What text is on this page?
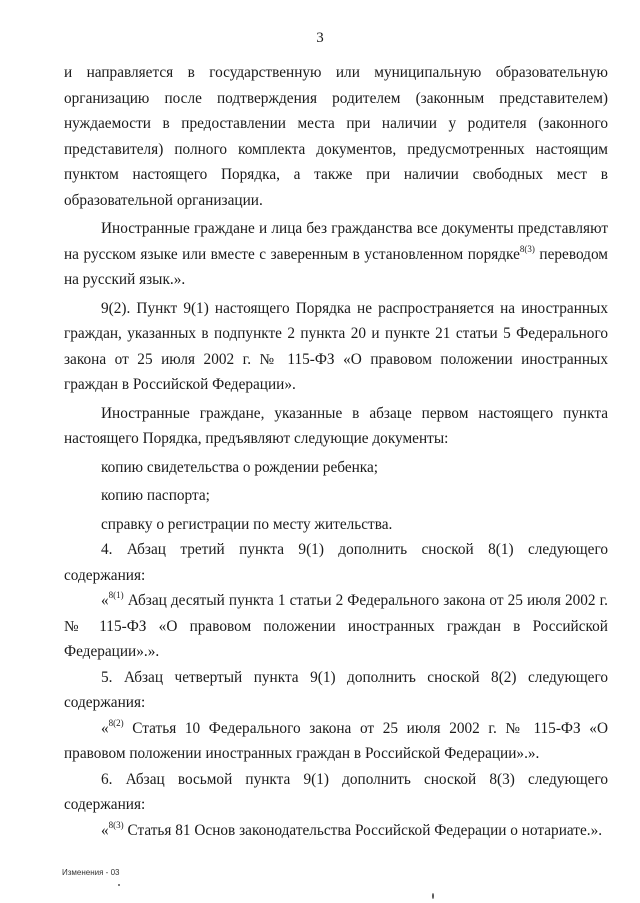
3

и направляется в государственную или муниципальную образовательную организацию после подтверждения родителем (законным представителем) нуждаемости в предоставлении места при наличии у родителя (законного представителя) полного комплекта документов, предусмотренных настоящим пунктом настоящего Порядка, а также при наличии свободных мест в образовательной организации.

Иностранные граждане и лица без гражданства все документы представляют на русском языке или вместе с заверенным в установленном порядке$^{8(3)}$ переводом на русский язык.».

9(2). Пункт 9(1) настоящего Порядка не распространяется на иностранных граждан, указанных в подпункте 2 пункта 20 и пункте 21 статьи 5 Федерального закона от 25 июля 2002 г. № 115-ФЗ «О правовом положении иностранных граждан в Российской Федерации».

Иностранные граждане, указанные в абзаце первом настоящего пункта настоящего Порядка, предъявляют следующие документы:

копию свидетельства о рождении ребенка;

копию паспорта;

справку о регистрации по месту жительства.

4. Абзац третий пункта 9(1) дополнить сноской 8(1) следующего содержания:

«$^{8(1)}$ Абзац десятый пункта 1 статьи 2 Федерального закона от 25 июля 2002 г. № 115-ФЗ «О правовом положении иностранных граждан в Российской Федерации».».

5. Абзац четвертый пункта 9(1) дополнить сноской 8(2) следующего содержания:

«$^{8(2)}$ Статья 10 Федерального закона от 25 июля 2002 г. № 115-ФЗ «О правовом положении иностранных граждан в Российской Федерации».».

6. Абзац восьмой пункта 9(1) дополнить сноской 8(3) следующего содержания:

«$^{8(3)}$ Статья 81 Основ законодательства Российской Федерации о нотариате.».

Изменения - 03
